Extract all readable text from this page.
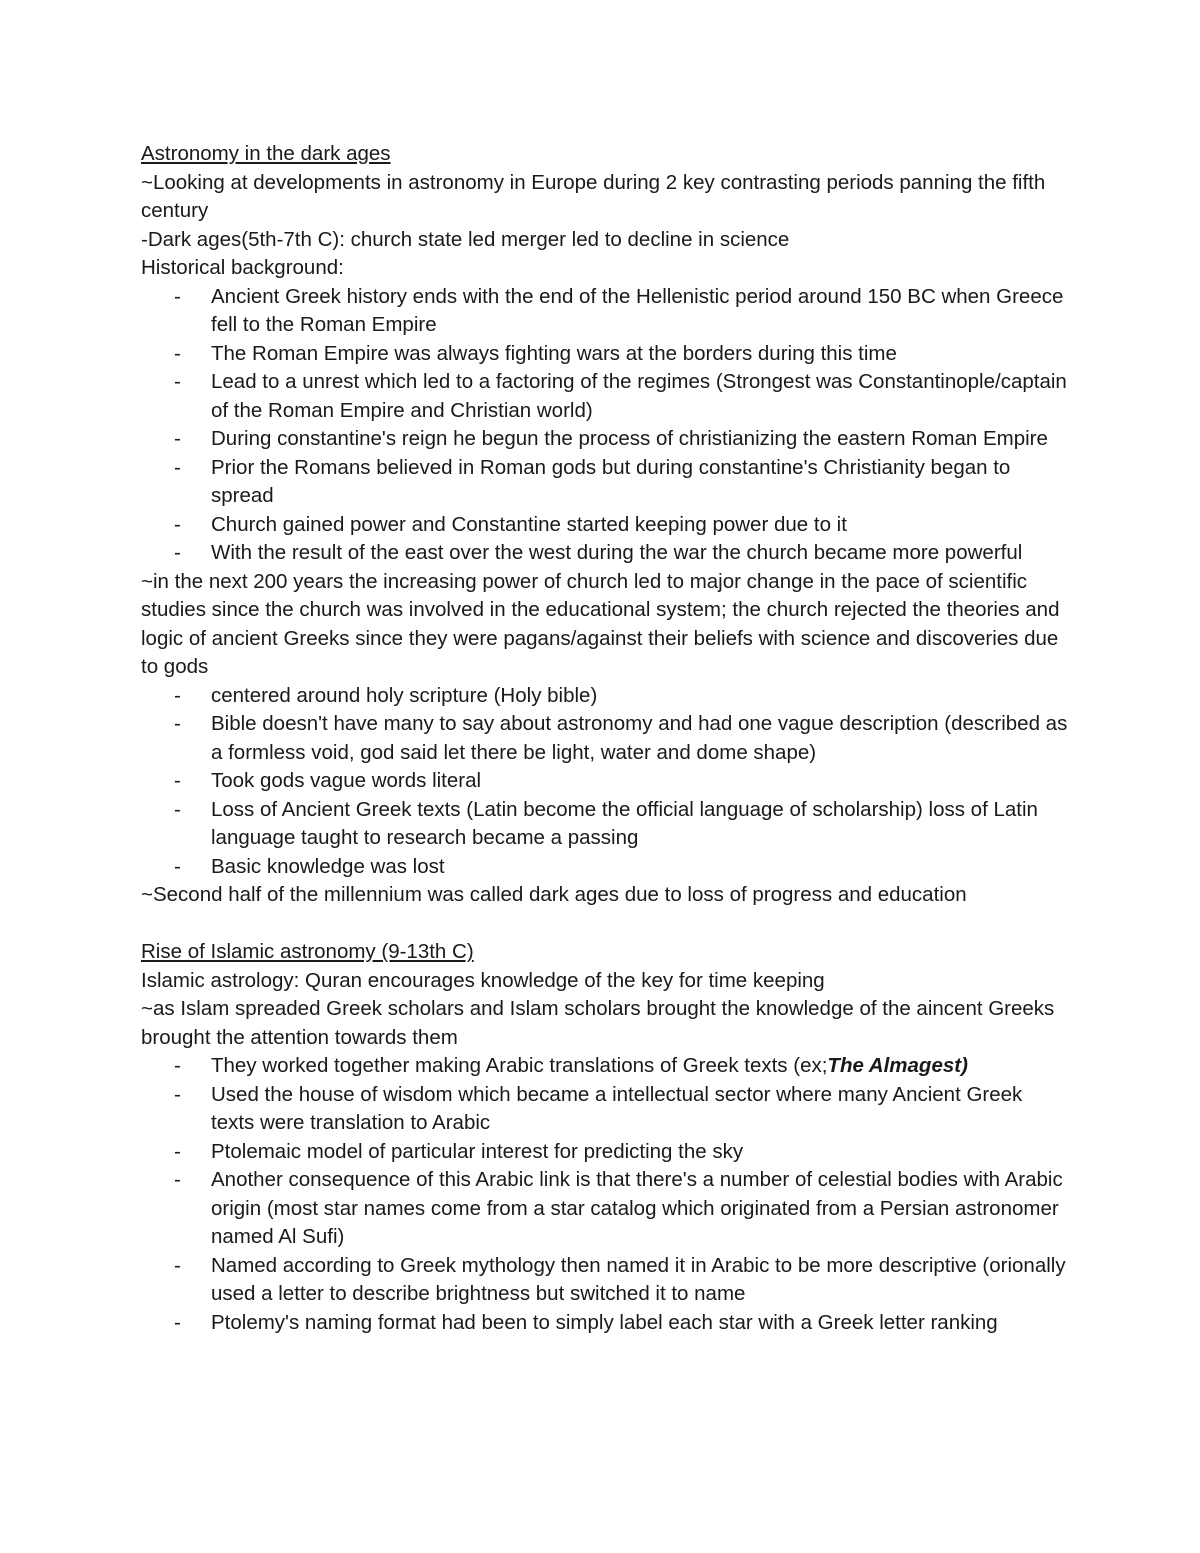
Astronomy in the dark ages

~Looking at developments in astronomy in Europe during 2 key contrasting periods panning the fifth century

-Dark ages(5th-7th C): church state led merger led to decline in science

Historical background:

- Ancient Greek history ends with the end of the Hellenistic period around 150 BC when Greece fell to the Roman Empire
- The Roman Empire was always fighting wars at the borders during this time
- Lead to a unrest which led to a factoring of the regimes (Strongest was Constantinople/captain of the Roman Empire and Christian world)
- During constantine's reign he begun the process of christianizing the eastern Roman Empire
- Prior the Romans believed in Roman gods but during constantine's Christianity began to spread
- Church gained power and Constantine started keeping power due to it
- With the result of the east over the west during the war the church became more powerful

~in the next 200 years the increasing power of church led to major change in the pace of scientific studies since the church was involved in the educational system; the church rejected the theories and logic of ancient Greeks since they were pagans/against their beliefs with science and discoveries due to gods

- centered around holy scripture (Holy bible)
- Bible doesn't have many to say about astronomy and had one vague description (described as a formless void, god said let there be light, water and dome shape)
- Took gods vague words literal
- Loss of Ancient Greek texts (Latin become the official language of scholarship) loss of Latin language taught to research became a passing
- Basic knowledge was lost

~Second half of the millennium was called dark ages due to loss of progress and education

Rise of Islamic astronomy (9-13th C)

Islamic astrology: Quran encourages knowledge of the key for time keeping

~as Islam spreaded Greek scholars and Islam scholars brought the knowledge of the aincent Greeks brought the attention towards them

- They worked together making Arabic translations of Greek texts (ex;The Almagest)
- Used the house of wisdom which became a intellectual sector where many Ancient Greek texts were translation to Arabic
- Ptolemaic model of particular interest for predicting the sky
- Another consequence of this Arabic link is that there's a number of celestial bodies with Arabic origin (most star names come from a star catalog which originated from a Persian astronomer named Al Sufi)
- Named according to Greek mythology then named it in Arabic to be more descriptive (orionally used a letter to describe brightness but switched it to name
- Ptolemy's naming format had been to simply label each star with a Greek letter ranking
